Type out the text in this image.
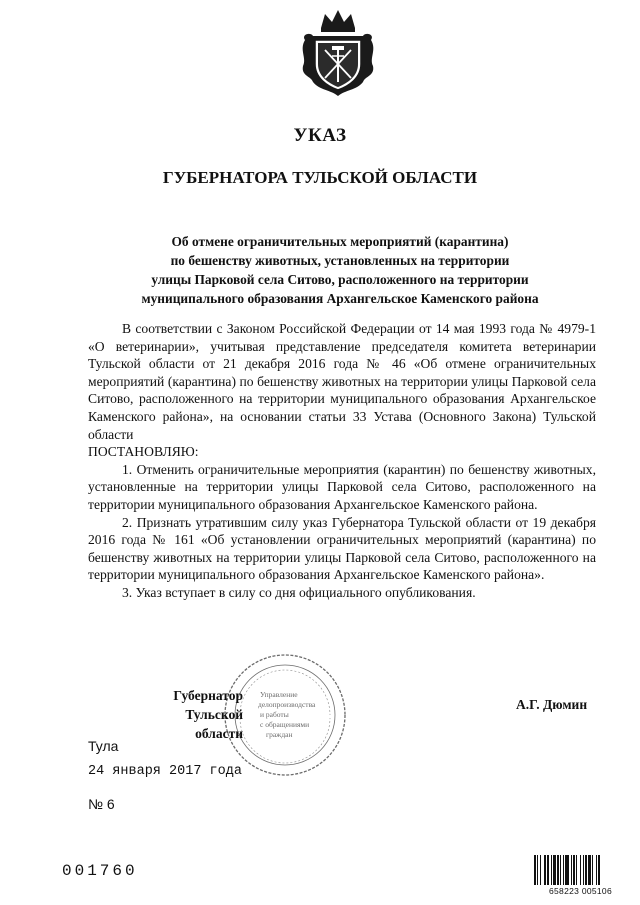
УКАЗ
ГУБЕРНАТОРА ТУЛЬСКОЙ ОБЛАСТИ
Об отмене ограничительных мероприятий (карантина)
по бешенству животных, установленных на территории
улицы Парковой села Ситово, расположенного на территории
муниципального образования Архангельское Каменского района

В соответствии с Законом Российской Федерации от 14 мая 1993 года № 4979-1 «О ветеринарии», учитывая представление председателя комитета ветеринарии Тульской области от 21 декабря 2016 года № 46 «Об отмене ограничительных мероприятий (карантина) по бешенству животных на территории улицы Парковой села Ситово, расположенного на территории муниципального образования Архангельское Каменского района», на основании статьи 33 Устава (Основного Закона) Тульской области

ПОСТАНОВЛЯЮ:

1. Отменить ограничительные мероприятия (карантин) по бешенству животных, установленные на территории улицы Парковой села Ситово, расположенного на территории муниципального образования Архангельское Каменского района.

2. Признать утратившим силу указ Губернатора Тульской области от 19 декабря 2016 года № 161 «Об установлении ограничительных мероприятий (карантина) по бешенству животных на территории улицы Парковой села Ситово, расположенного на территории муниципального образования Архангельское Каменского района».

3. Указ вступает в силу со дня официального опубликования.

Управление
делопроизводства
и работы
с обращениями
граждан
Губернатор
Тульской области
А.Г. Дюмин
Тула
24 января 2017 года
№ 6
001760
658223 005106
